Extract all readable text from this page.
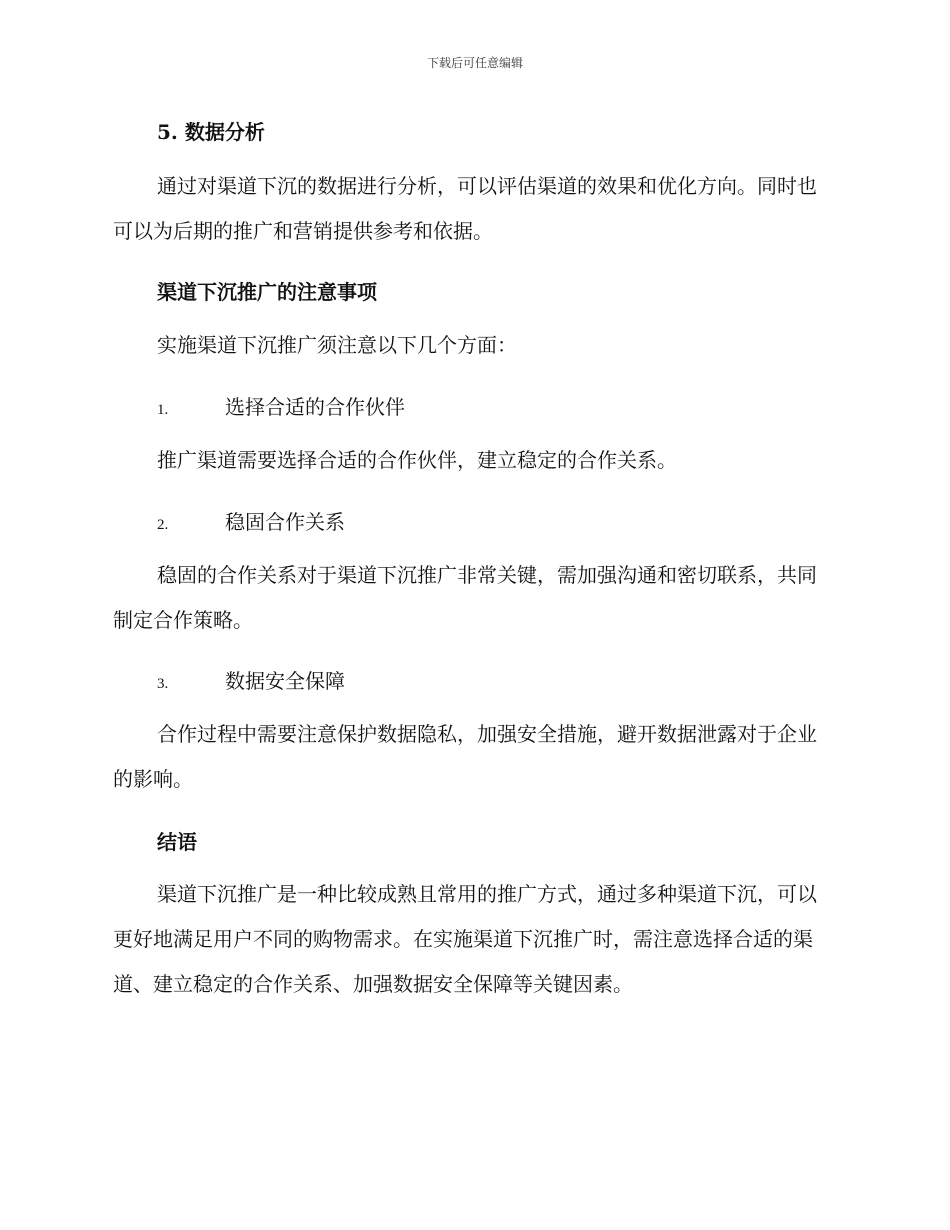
下载后可任意编辑
5. 数据分析
通过对渠道下沉的数据进行分析，可以评估渠道的效果和优化方向。同时也可以为后期的推广和营销提供参考和依据。
渠道下沉推广的注意事项
实施渠道下沉推广须注意以下几个方面：
1.	选择合适的合作伙伴
推广渠道需要选择合适的合作伙伴，建立稳定的合作关系。
2.	稳固合作关系
稳固的合作关系对于渠道下沉推广非常关键，需加强沟通和密切联系，共同制定合作策略。
3.	数据安全保障
合作过程中需要注意保护数据隐私，加强安全措施，避开数据泄露对于企业的影响。
结语
渠道下沉推广是一种比较成熟且常用的推广方式，通过多种渠道下沉，可以更好地满足用户不同的购物需求。在实施渠道下沉推广时，需注意选择合适的渠道、建立稳定的合作关系、加强数据安全保障等关键因素。
